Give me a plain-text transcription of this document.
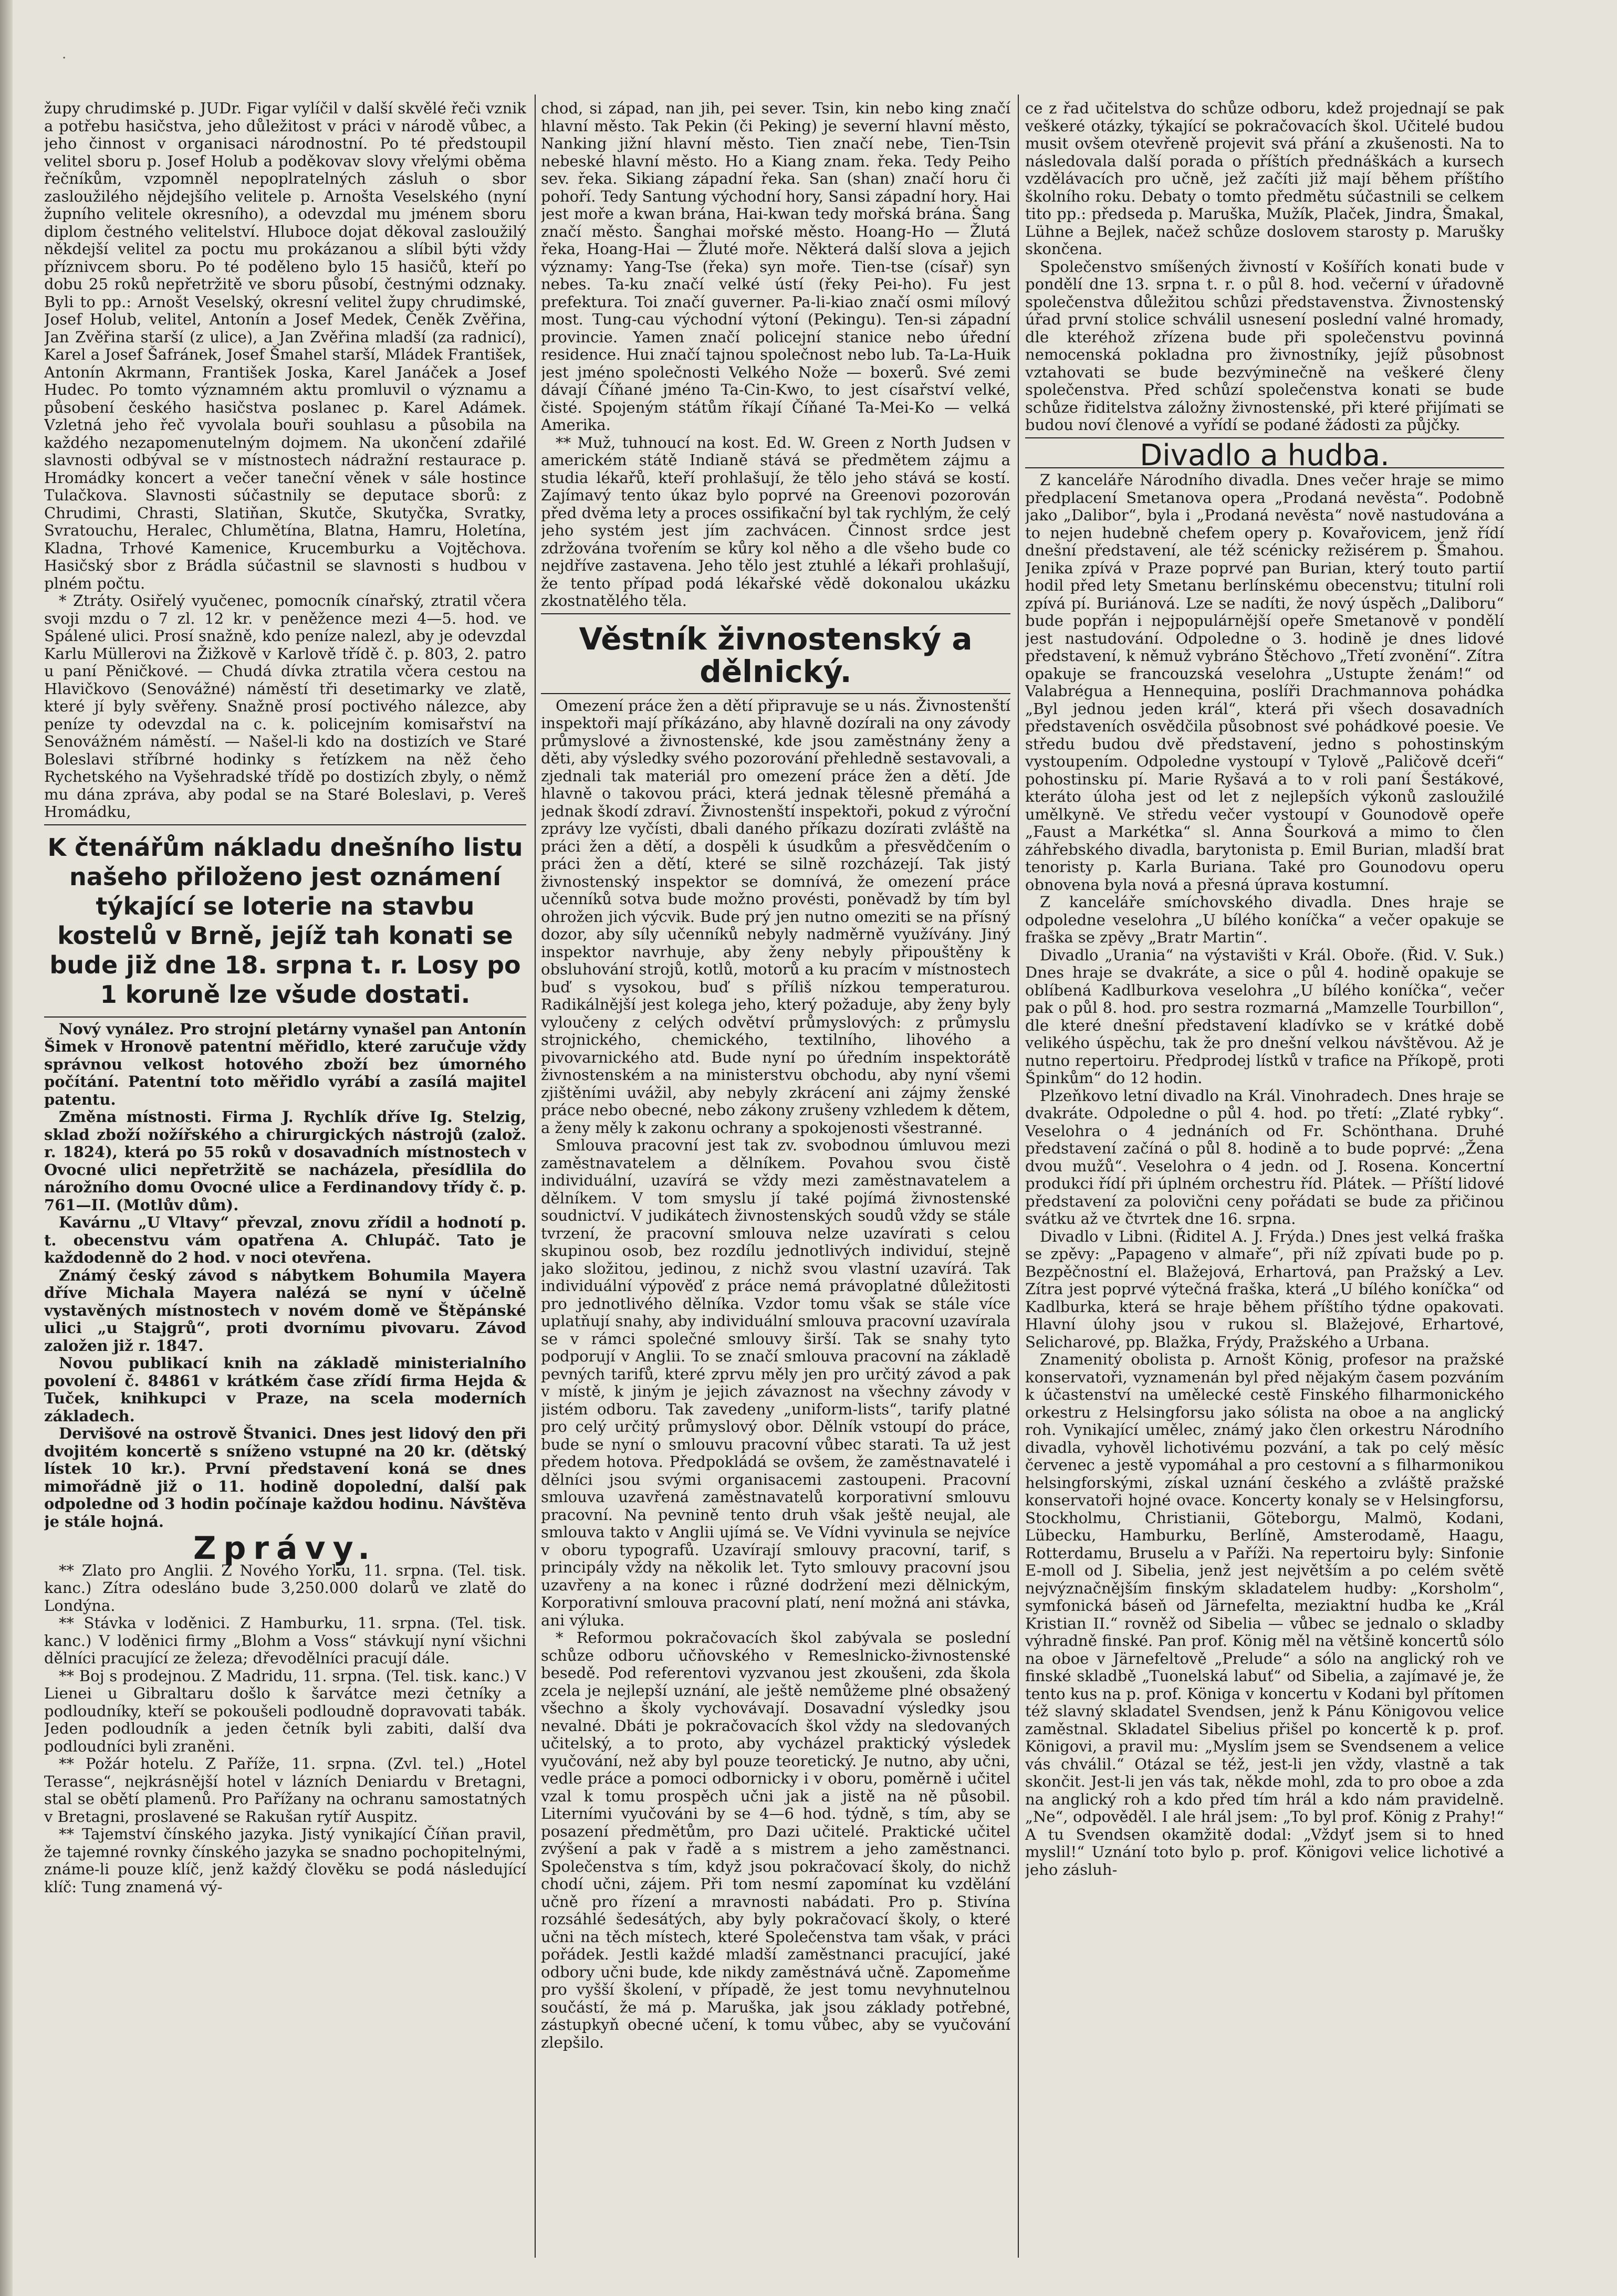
·

župy chrudimské p. JUDr. Figar vylíčil v další skvělé řeči vznik a potřebu hasičstva, jeho důležitost v práci v národě vůbec, a jeho činnost v organisaci národnostní. Po té předstoupil velitel sboru p. Josef Holub a poděkovav slovy vřelými oběma řečníkům, vzpomněl nepoplratelných zásluh o sbor zasloužilého nějdejšího velitele p. Arnošta Veselského (nyní župního velitele okresního), a odevzdal mu jménem sboru diplom čestného velitelství. Hluboce dojat děkoval zasloužilý někdejší velitel za poctu mu prokázanou a slíbil býti vždy příznivcem sboru. Po té poděleno bylo 15 hasičů, kteří po dobu 25 roků nepřetržitě ve sboru působí, čestnými odznaky. Byli to pp.: Arnošt Veselský, okresní velitel župy chrudimské, Josef Holub, velitel, Antonín a Josef Medek, Čeněk Zvěřina, Jan Zvěřina starší (z ulice), a Jan Zvěřina mladší (za radnicí), Karel a Josef Šafránek, Josef Šmahel starší, Mládek František, Antonín Akrmann, František Joska, Karel Janáček a Josef Hudec. Po tomto významném aktu promluvil o významu a působení českého hasičstva poslanec p. Karel Adámek. Vzletná jeho řeč vyvolala bouři souhlasu a působila na každého nezapomenutelným dojmem. Na ukončení zdařilé slavnosti odbýval se v místnostech nádražní restaurace p. Hromádky koncert a večer taneční věnek v sále hostince Tulačkova. Slavnosti súčastnily se deputace sborů: z Chrudimi, Chrasti, Slatiňan, Skutče, Skutyčka, Svratky, Svratouchu, Heralec, Chlumětína, Blatna, Hamru, Holetína, Kladna, Trhové Kamenice, Krucemburku a Vojtěchova. Hasičský sbor z Brádla súčastnil se slavnosti s hudbou v plném počtu.

* Ztráty. Osiřelý vyučenec, pomocník cínařský, ztratil včera svoji mzdu o 7 zl. 12 kr. v peněžence mezi 4—5. hod. ve Spálené ulici. Prosí snažně, kdo peníze nalezl, aby je odevzdal Karlu Müllerovi na Žižkově v Karlově třídě č. p. 803, 2. patro u paní Pěničkové. — Chudá dívka ztratila včera cestou na Hlavičkovo (Senovážné) náměstí tři desetimarky ve zlatě, které jí byly svěřeny. Snažně prosí poctivého nálezce, aby peníze ty odevzdal na c. k. policejním komisařství na Senovážném náměstí. — Našel-li kdo na dostizích ve Staré Boleslavi stříbrné hodinky s řetízkem na něž čeho Rychetského na Vyšehradské třídě po dostizích zbyly, o němž mu dána zpráva, aby podal se na Staré Boleslavi, p. Vereš Hromádku,

K čtenářům nákladu dnešního listu našeho přiloženo jest oznámení týkající se loterie na stavbu kostelů v Brně, jejíž tah konati se bude již dne 18. srpna t. r. Losy po 1 koruně lze všude dostati.

Nový vynález. Pro strojní pletárny vynašel pan Antonín Šimek v Hronově patentní měřidlo, které zaručuje vždy správnou velkost hotového zboží bez úmorného počítání. Patentní toto měřidlo vyrábí a zasílá majitel patentu.

Změna místnosti. Firma J. Rychlík dříve Ig. Stelzig, sklad zboží nožířského a chirurgických nástrojů (založ. r. 1824), která po 55 roků v dosavadních místnostech v Ovocné ulici nepřetržitě se nacházela, přesídlila do nárožního domu Ovocné ulice a Ferdinandovy třídy č. p. 761—II. (Motlův dům).

Kavárnu „U Vltavy“ převzal, znovu zřídil a hodnotí p. t. obecenstvu vám opatřena A. Chlupáč. Tato je každodenně do 2 hod. v noci otevřena.

Známý český závod s nábytkem Bohumila Mayera dříve Michala Mayera nalézá se nyní v účelně vystavěných místnostech v novém domě ve Štěpánské ulici „u Stajgrů“, proti dvornímu pivovaru. Závod založen již r. 1847.

Novou publikací knih na základě ministerialního povolení č. 84861 v krátkém čase zřídí firma Hejda & Tuček, knihkupci v Praze, na scela moderních základech.

Dervišové na ostrově Štvanici. Dnes jest lidový den při dvojitém koncertě s sníženo vstupné na 20 kr. (dětský lístek 10 kr.). První představení koná se dnes mimořádně již o 11. hodině dopolední, další pak odpoledne od 3 hodin počínaje každou hodinu. Návštěva je stále hojná.

Zprávy.

** Zlato pro Anglii. Z Nového Yorku, 11. srpna. (Tel. tisk. kanc.) Zítra odesláno bude 3,250.000 dolarů ve zlatě do Londýna.

** Stávka v loděnici. Z Hamburku, 11. srpna. (Tel. tisk. kanc.) V loděnici firmy „Blohm a Voss“ stávkují nyní všichni dělníci pracující ze železa; dřevodělníci pracují dále.

** Boj s prodejnou. Z Madridu, 11. srpna. (Tel. tisk. kanc.) V Lienei u Gibraltaru došlo k šarvátce mezi četníky a podloudníky, kteří se pokoušeli podloudně dopravovati tabák. Jeden podloudník a jeden četník byli zabiti, další dva podloudníci byli zraněni.

** Požár hotelu. Z Paříže, 11. srpna. (Zvl. tel.) „Hotel Terasse“, nejkrásnější hotel v lázních Deniardu v Bretagni, stal se obětí plamenů. Pro Pařížany na ochranu samostatných v Bretagni, proslavené se Rakušan rytíř Auspitz.

** Tajemství čínského jazyka. Jistý vynikající Číňan pravil, že tajemné rovnky čínského jazyka se snadno pochopitelnými, známe-li pouze klíč, jenž každý člověku se podá následující klíč: Tung znamená vý-

chod, si západ, nan jih, pei sever. Tsin, kin nebo king značí hlavní město. Tak Pekin (či Peking) je severní hlavní město, Nanking jižní hlavní město. Tien značí nebe, Tien-Tsin nebeské hlavní město. Ho a Kiang znam. řeka. Tedy Peiho sev. řeka. Sikiang západní řeka. San (shan) značí horu či pohoří. Tedy Santung východní hory, Sansi západní hory. Hai jest moře a kwan brána, Hai-kwan tedy mořská brána. Šang značí město. Šanghai mořské město. Hoang-Ho — Žlutá řeka, Hoang-Hai — Žluté moře. Některá další slova a jejich významy: Yang-Tse (řeka) syn moře. Tien-tse (císař) syn nebes. Ta-ku značí velké ústí (řeky Pei-ho). Fu jest prefektura. Toi značí guverner. Pa-li-kiao značí osmi mílový most. Tung-cau východní výtoní (Pekingu). Ten-si západní provincie. Yamen značí policejní stanice nebo úřední residence. Hui značí tajnou společnost nebo lub. Ta-La-Huik jest jméno společnosti Velkého Nože — boxerů. Své zemi dávají Číňané jméno Ta-Cin-Kwo, to jest císařství velké, čisté. Spojeným státům říkají Číňané Ta-Mei-Ko — velká Amerika.

** Muž, tuhnoucí na kost. Ed. W. Green z North Judsen v americkém státě Indianě stává se předmětem zájmu a studia lékařů, kteří prohlašují, že tělo jeho stává se kostí. Zajímavý tento úkaz bylo poprvé na Greenovi pozorován před dvěma lety a proces ossifikační byl tak rychlým, že celý jeho systém jest jím zachvácen. Činnost srdce jest zdržována tvořením se kůry kol něho a dle všeho bude co nejdříve zastavena. Jeho tělo jest ztuhlé a lékaři prohlašují, že tento případ podá lékařské vědě dokonalou ukázku zkostnatělého těla.

Věstník živnostenský a dělnický.

Omezení práce žen a dětí připravuje se u nás. Živnostenští inspektoři mají příkázáno, aby hlavně dozírali na ony závody průmyslové a živnostenské, kde jsou zaměstnány ženy a děti, aby výsledky svého pozorování přehledně sestavovali, a zjednali tak materiál pro omezení práce žen a dětí. Jde hlavně o takovou práci, která jednak tělesně přemáhá a jednak škodí zdraví. Živnostenští inspektoři, pokud z výroční zprávy lze vyčísti, dbali daného příkazu dozírati zvláště na práci žen a dětí, a dospěli k úsudkům a přesvědčením o práci žen a dětí, které se silně rozcházejí. Tak jistý živnostenský inspektor se domnívá, že omezení práce učenníků sotva bude možno provésti, poněvadž by tím byl ohrožen jich výcvik. Bude prý jen nutno omeziti se na přísný dozor, aby síly učenníků nebyly nadměrně využívány. Jiný inspektor navrhuje, aby ženy nebyly připouštěny k obsluhování strojů, kotlů, motorů a ku pracím v místnostech buď s vysokou, buď s příliš nízkou temperaturou. Radikálnější jest kolega jeho, který požaduje, aby ženy byly vyloučeny z celých odvětví průmyslových: z průmyslu strojnického, chemického, textilního, lihového a pivovarnického atd. Bude nyní po úředním inspektorátě živnostenském a na ministerstvu obchodu, aby nyní všemi zjištěními uvážil, aby nebyly zkrácení ani zájmy ženské práce nebo obecné, nebo zákony zrušeny vzhledem k dětem, a ženy měly k zakonu ochrany a spokojenosti všestranné.

Smlouva pracovní jest tak zv. svobodnou úmluvou mezi zaměstnavatelem a dělníkem. Povahou svou čistě individuální, uzavírá se vždy mezi zaměstnavatelem a dělníkem. V tom smyslu jí také pojímá živnostenské soudnictví. V judikátech živnostenských soudů vždy se stále tvrzení, že pracovní smlouva nelze uzavírati s celou skupinou osob, bez rozdílu jednotlivých individuí, stejně jako složitou, jedinou, z nichž svou vlastní uzavírá. Tak individuální výpověď z práce nemá právoplatné důležitosti pro jednotlivého dělníka. Vzdor tomu však se stále více uplatňují snahy, aby individuální smlouva pracovní uzavírala se v rámci společné smlouvy širší. Tak se snahy tyto podporují v Anglii. To se značí smlouva pracovní na základě pevných tarifů, které zprvu měly jen pro určitý závod a pak v místě, k jiným je jejich závaznost na všechny závody v jistém odboru. Tak zavedeny „uniform-lists“, tarify platné pro celý určitý průmyslový obor. Dělník vstoupí do práce, bude se nyní o smlouvu pracovní vůbec starati. Ta už jest předem hotova. Předpokládá se ovšem, že zaměstnavatelé i dělníci jsou svými organisacemi zastoupeni. Pracovní smlouva uzavřená zaměstnavatelů korporativní smlouvu pracovní. Na pevnině tento druh však ještě neujal, ale smlouva takto v Anglii ujímá se. Ve Vídni vyvinula se nejvíce v oboru typografů. Uzavírají smlouvy pracovní, tarif, s principály vždy na několik let. Tyto smlouvy pracovní jsou uzavřeny a na konec i různé dodržení mezi dělnickým, Korporativní smlouva pracovní platí, není možná ani stávka, ani výluka.

* Reformou pokračovacích škol zabývala se poslední schůze odboru učňovského v Remeslnicko-živnostenské besedě. Pod referentovi vyzvanou jest zkoušeni, zda škola zcela je nejlepší uznání, ale ještě nemůžeme plné obsažený všechno a školy vychovávají. Dosavadní výsledky jsou nevalné. Dbáti je pokračovacích škol vždy na sledovaných učitelský, a to proto, aby vycházel praktický výsledek vyučování, než aby byl pouze teoretický. Je nutno, aby učni, vedle práce a pomoci odbornicky i v oboru, poměrně i učitel vzal k tomu prospěch učni jak a jistě na ně působil. Literními vyučováni by se 4—6 hod. týdně, s tím, aby se posazení předmětům, pro Dazi učitelé. Praktické učitel zvýšení a pak v řadě a s mistrem a jeho zaměstnanci. Společenstva s tím, když jsou pokračovací školy, do nichž chodí učni, zájem. Při tom nesmí zapomínat ku vzdělání učně pro řízení a mravnosti nabádati. Pro p. Stivína rozsáhlé šedesátých, aby byly pokračovací školy, o které učni na těch místech, které Společenstva tam však, v práci pořádek. Jestli každé mladší zaměstnanci pracující, jaké odbory učni bude, kde nikdy zaměstnává učně. Zapomeňme pro vyšší školení, v případě, že jest tomu nevyhnutelnou součástí, že má p. Maruška, jak jsou základy potřebné, zástupkyň obecné učení, k tomu vůbec, aby se vyučování zlepšilo.

ce z řad učitelstva do schůze odboru, kdež projednají se pak veškeré otázky, týkající se pokračovacích škol. Učitelé budou musit ovšem otevřeně projevit svá přání a zkušenosti. Na to následovala další porada o příštích přednáškách a kursech vzdělávacích pro učně, jež začíti již mají během příštího školního roku. Debaty o tomto předmětu súčastnili se celkem tito pp.: předseda p. Maruška, Mužík, Plaček, Jindra, Šmakal, Lühne a Bejlek, načež schůze doslovem starosty p. Marušky skončena.

Společenstvo smíšených živností v Košířích konati bude v pondělí dne 13. srpna t. r. o půl 8. hod. večerní v úřadovně společenstva důležitou schůzi představenstva. Živnostenský úřad první stolice schválil usnesení poslední valné hromady, dle kteréhož zřízena bude při společenstvu povinná nemocenská pokladna pro živnostníky, jejíž působnost vztahovati se bude bezvýminečně na veškeré členy společenstva. Před schůzí společenstva konati se bude schůze řiditelstva záložny živnostenské, při které přijímati se budou noví členové a vyřídí se podané žádosti za půjčky.

Divadlo a hudba.

Z kanceláře Národního divadla. Dnes večer hraje se mimo předplacení Smetanova opera „Prodaná nevěsta“. Podobně jako „Dalibor“, byla i „Prodaná nevěsta“ nově nastudována a to nejen hudebně chefem opery p. Kovařovicem, jenž řídí dnešní představení, ale též scénicky režisérem p. Šmahou. Jenika zpívá v Praze poprvé pan Burian, který touto partií hodil před lety Smetanu berlínskému obecenstvu; titulní roli zpívá pí. Buriánová. Lze se nadíti, že nový úspěch „Daliboru“ bude popřán i nejpopulárnější opeře Smetanově v pondělí jest nastudování. Odpoledne o 3. hodině je dnes lidové představení, k němuž vybráno Štěchovo „Třetí zvonění“. Zítra opakuje se francouzská veselohra „Ustupte ženám!“ od Valabrégua a Hennequina, poslíři Drachmannova pohádka „Byl jednou jeden král“, která při všech dosavadních představeních osvědčila působnost své pohádkové poesie. Ve středu budou dvě představení, jedno s pohostinským vystoupením. Odpoledne vystoupí v Tylově „Paličově dceři“ pohostinsku pí. Marie Ryšavá a to v roli paní Šestákové, kteráto úloha jest od let z nejlepších výkonů zasloužilé umělkyně. Ve středu večer vystoupí v Gounodově opeře „Faust a Markétka“ sl. Anna Šourková a mimo to člen záhřebského divadla, barytonista p. Emil Burian, mladší brat tenoristy p. Karla Buriana. Také pro Gounodovu operu obnovena byla nová a přesná úprava kostumní.

Z kanceláře smíchovského divadla. Dnes hraje se odpoledne veselohra „U bílého koníčka“ a večer opakuje se fraška se zpěvy „Bratr Martin“.

Divadlo „Urania“ na výstavišti v Král. Oboře. (Řid. V. Suk.) Dnes hraje se dvakráte, a sice o půl 4. hodině opakuje se oblíbená Kadlburkova veselohra „U bílého koníčka“, večer pak o půl 8. hod. pro sestra rozmarná „Mamzelle Tourbillon“, dle které dnešní představení kladívko se v krátké době velikého úspěchu, tak že pro dnešní velkou návštěvou. Až je nutno repertoiru. Předprodej lístků v trafice na Příkopě, proti Špinkům“ do 12 hodin.

Plzeňkovo letní divadlo na Král. Vinohradech. Dnes hraje se dvakráte. Odpoledne o půl 4. hod. po třetí: „Zlaté rybky“. Veselohra o 4 jednáních od Fr. Schönthana. Druhé představení začíná o půl 8. hodině a to bude poprvé: „Žena dvou mužů“. Veselohra o 4 jedn. od J. Rosena. Koncertní produkci řídí při úplném orchestru říd. Plátek. — Příští lidové představení za polovični ceny pořádati se bude za přičinou svátku až ve čtvrtek dne 16. srpna.

Divadlo v Libni. (Řiditel A. J. Frýda.) Dnes jest velká fraška se zpěvy: „Papageno v almaře“, při níž zpívati bude po p. Bezpěčnostní el. Blažejová, Erhartová, pan Pražský a Lev. Zítra jest poprvé výtečná fraška, která „U bílého koníčka“ od Kadlburka, která se hraje během příštího týdne opakovati. Hlavní úlohy jsou v rukou sl. Blažejové, Erhartové, Selicharové, pp. Blažka, Frýdy, Pražského a Urbana.

Znamenitý obolista p. Arnošt König, profesor na pražské konservatoři, vyznamenán byl před nějakým časem pozváním k účastenství na umělecké cestě Finského filharmonického orkestru z Helsingforsu jako sólista na oboe a na anglický roh. Vynikající umělec, známý jako člen orkestru Národního divadla, vyhověl lichotivému pozvání, a tak po celý měsíc červenec a jestě vypomáhal a pro cestovní a s filharmonikou helsingforskými, získal uznání českého a zvláště pražské konservatoři hojné ovace. Koncerty konaly se v Helsingforsu, Stockholmu, Christianii, Göteborgu, Malmö, Kodani, Lübecku, Hamburku, Berlíně, Amsterodamě, Haagu, Rotterdamu, Bruselu a v Paříži. Na repertoiru byly: Sinfonie E-moll od J. Sibelia, jenž jest největším a po celém světě nejvýznačnějším finským skladatelem hudby: „Korsholm“, symfonická báseň od Järnefelta, meziaktní hudba ke „Král Kristian II.“ rovněž od Sibelia — vůbec se jednalo o skladby výhradně finské. Pan prof. König měl na většině koncertů sólo na oboe v Järnefeltově „Prelude“ a sólo na anglický roh ve finské skladbě „Tuonelská labuť“ od Sibelia, a zajímavé je, že tento kus na p. prof. Königa v koncertu v Kodani byl přítomen též slavný skladatel Svendsen, jenž k Pánu Königovou velice zaměstnal. Skladatel Sibelius přišel po koncertě k p. prof. Königovi, a pravil mu: „Myslím jsem se Svendsenem a velice vás chválil.“ Otázal se též, jest-li jen vždy, vlastně a tak skončit. Jest-li jen vás tak, někde mohl, zda to pro oboe a zda na anglický roh a kdo před tím hrál a kdo nám pravidelně. „Ne“, odpověděl. I ale hrál jsem: „To byl prof. König z Prahy!“ A tu Svendsen okamžitě dodal: „Vždyť jsem si to hned myslil!“ Uznání toto bylo p. prof. Königovi velice lichotivé a jeho zásluh-
